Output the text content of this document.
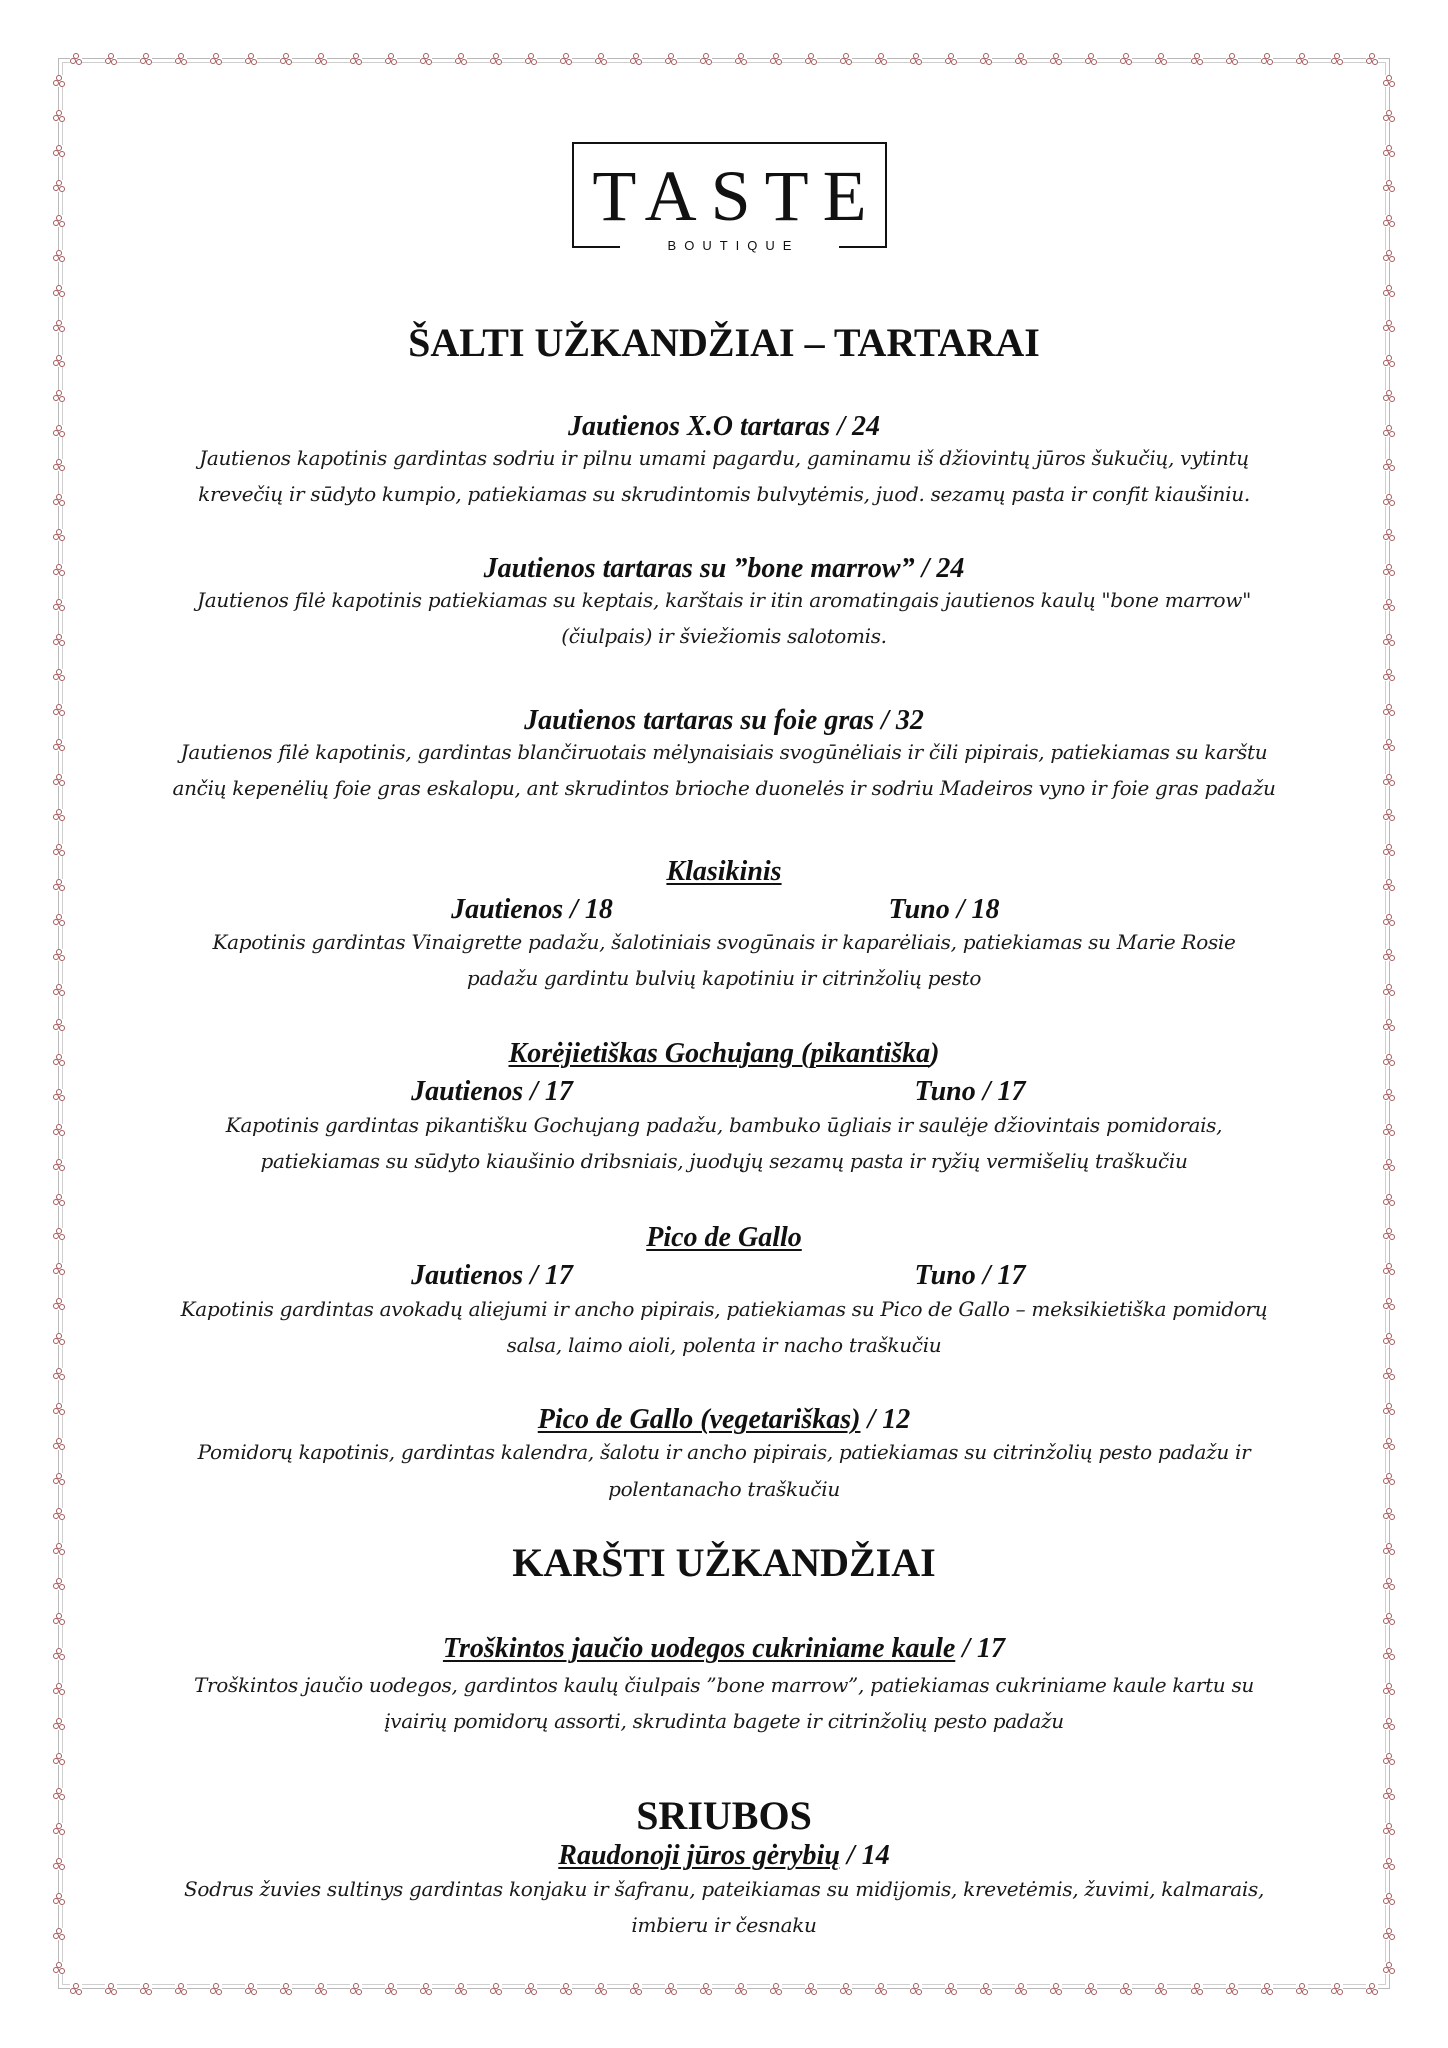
TASTE
BOUTIQUE
ŠALTI UŽKANDŽIAI – TARTARAI
Jautienos X.O tartaras / 24
Jautienos kapotinis gardintas sodriu ir pilnu umami pagardu, gaminamu iš džiovintų jūros šukučių, vytintų
krevečių ir sūdyto kumpio, patiekiamas su skrudintomis bulvytėmis, juod. sezamų pasta ir confit kiaušiniu.
Jautienos tartaras su ”bone marrow” / 24
Jautienos filė kapotinis patiekiamas su keptais, karštais ir itin aromatingais jautienos kaulų "bone marrow"
(čiulpais) ir šviežiomis salotomis.
Jautienos tartaras su foie gras / 32
Jautienos filė kapotinis, gardintas blančiruotais mėlynaisiais svogūnėliais ir čili pipirais, patiekiamas su karštu
ančių kepenėlių foie gras eskalopu, ant skrudintos brioche duonelės ir sodriu Madeiros vyno ir foie gras padažu
Klasikinis
Jautienos / 18	Tuno / 18
Kapotinis gardintas Vinaigrette padažu, šalotiniais svogūnais ir kaparėliais, patiekiamas su Marie Rosie
padažu gardintu bulvių kapotiniu ir citrinžolių pesto
Korėjietiškas Gochujang (pikantiška)
Jautienos / 17	Tuno / 17
Kapotinis gardintas pikantišku Gochujang padažu, bambuko ūgliais ir saulėje džiovintais pomidorais,
patiekiamas su sūdyto kiaušinio dribsniais, juodųjų sezamų pasta ir ryžių vermišelių traškučiu
Pico de Gallo
Jautienos / 17	Tuno / 17
Kapotinis gardintas avokadų aliejumi ir ancho pipirais, patiekiamas su Pico de Gallo – meksikietiška pomidorų
salsa, laimo aioli, polenta ir nacho traškučiu
Pico de Gallo (vegetariškas) / 12
Pomidorų kapotinis, gardintas kalendra, šalotu ir ancho pipirais, patiekiamas su citrinžolių pesto padažu ir
polentanacho traškučiu
KARŠTI UŽKANDŽIAI
Troškintos jaučio uodegos cukriniame kaule / 17
Troškintos jaučio uodegos, gardintos kaulų čiulpais ”bone marrow”, patiekiamas cukriniame kaule kartu su
įvairių pomidorų assorti, skrudinta bagete ir citrinžolių pesto padažu
SRIUBOS
Raudonoji jūros gėrybių / 14
Sodrus žuvies sultinys gardintas konjaku ir šafranu, pateikiamas su midijomis, krevetėmis, žuvimi, kalmarais,
imbieru ir česnaku
